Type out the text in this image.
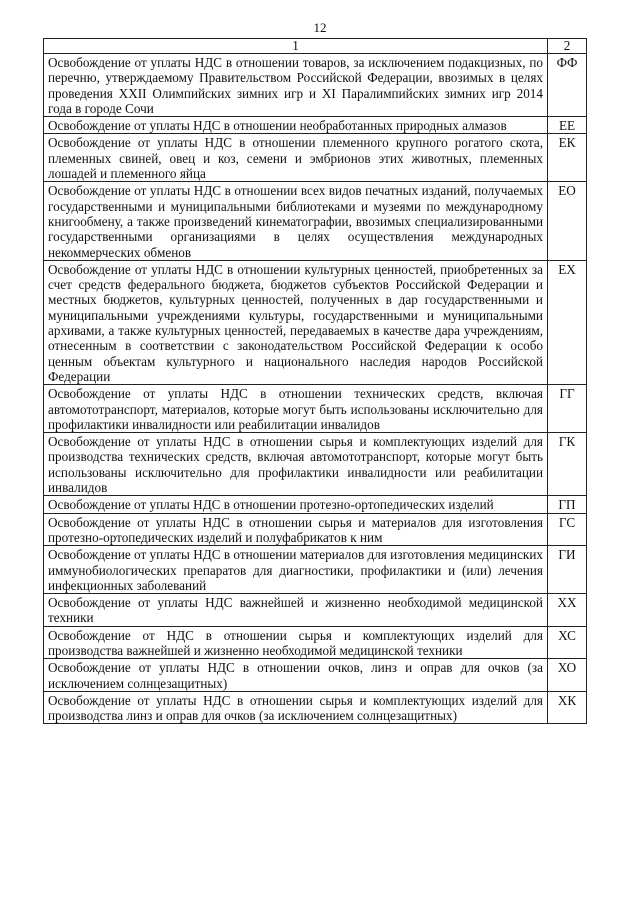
12
1	2
Освобождение от уплаты НДС в отношении товаров, за исключением подакцизных, по перечню, утверждаемому Правительством Российской Федерации, ввозимых в целях проведения XXII Олимпийских зимних игр и XI Паралимпийских зимних игр 2014 года в городе Сочи	ФФ
Освобождение от уплаты НДС в отношении необработанных природных алмазов	ЕЕ
Освобождение от уплаты НДС в отношении племенного крупного рогатого скота, племенных свиней, овец и коз, семени и эмбрионов этих животных, племенных лошадей и племенного яйца	ЕК
Освобождение от уплаты НДС в отношении всех видов печатных изданий, получаемых государственными и муниципальными библиотеками и музеями по международному книгообмену, а также произведений кинематографии, ввозимых специализированными государственными организациями в целях осуществления международных некоммерческих обменов	ЕО
Освобождение от уплаты НДС в отношении культурных ценностей, приобретенных за счет средств федерального бюджета, бюджетов субъектов Российской Федерации и местных бюджетов, культурных ценностей, полученных в дар государственными и муниципальными учреждениями культуры, государственными и муниципальными архивами, а также культурных ценностей, передаваемых в качестве дара учреждениям, отнесенным в соответствии с законодательством Российской Федерации к особо ценным объектам культурного и национального наследия народов Российской Федерации	ЕХ
Освобождение от уплаты НДС в отношении технических средств, включая автомототранспорт, материалов, которые могут быть использованы исключительно для профилактики инвалидности или реабилитации инвалидов	ГГ
Освобождение от уплаты НДС в отношении сырья и комплектующих изделий для производства технических средств, включая автомототранспорт, которые могут быть использованы исключительно для профилактики инвалидности или реабилитации инвалидов	ГК
Освобождение от уплаты НДС в отношении протезно-ортопедических изделий	ГП
Освобождение от уплаты НДС в отношении сырья и материалов для изготовления протезно-ортопедических изделий и полуфабрикатов к ним	ГС
Освобождение от уплаты НДС в отношении материалов для изготовления медицинских иммунобиологических препаратов для диагностики, профилактики и (или) лечения инфекционных заболеваний	ГИ
Освобождение от уплаты НДС важнейшей и жизненно необходимой медицинской техники	ХХ
Освобождение от НДС в отношении сырья и комплектующих изделий для производства важнейшей и жизненно необходимой медицинской техники	ХС
Освобождение от уплаты НДС в отношении очков, линз и оправ для очков (за исключением солнцезащитных)	ХО
Освобождение от уплаты НДС в отношении сырья и комплектующих изделий для производства линз и оправ для очков (за исключением солнцезащитных)	ХК
